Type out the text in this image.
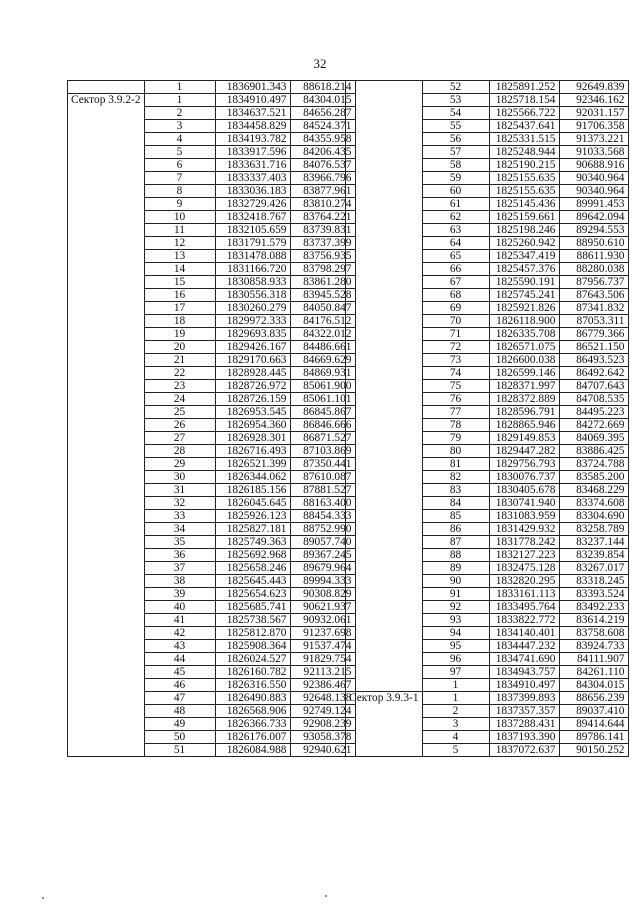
32
	1	1836901.343	88618.214
Сектор 3.9.2-2	1	1834910.497	84304.015
	2	1834637.521	84656.287
	3	1834458.829	84524.371
	4	1834193.782	84355.958
	5	1833917.596	84206.435
	6	1833631.716	84076.537
	7	1833337.403	83966.796
	8	1833036.183	83877.961
	9	1832729.426	83810.274
	10	1832418.767	83764.221
	11	1832105.659	83739.831
	12	1831791.579	83737.399
	13	1831478.088	83756.935
	14	1831166.720	83798.297
	15	1830858.933	83861.280
	16	1830556.318	83945.528
	17	1830260.279	84050.847
	18	1829972.333	84176.512
	19	1829693.835	84322.012
	20	1829426.167	84486.661
	21	1829170.663	84669.629
	22	1828928.445	84869.931
	23	1828726.972	85061.900
	24	1828726.159	85061.101
	25	1826953.545	86845.867
	26	1826954.360	86846.666
	27	1826928.301	86871.527
	28	1826716.493	87103.869
	29	1826521.399	87350.441
	30	1826344.062	87610.087
	31	1826185.156	87881.527
	32	1826045.645	88163.400
	33	1825926.123	88454.333
	34	1825827.181	88752.990
	35	1825749.363	89057.740
	36	1825692.968	89367.245
	37	1825658.246	89679.964
	38	1825645.443	89994.333
	39	1825654.623	90308.829
	40	1825685.741	90621.937
	41	1825738.567	90932.061
	42	1825812.870	91237.698
	43	1825908.364	91537.474
	44	1826024.527	91829.754
	45	1826160.782	92113.215
	46	1826316.550	92386.467
	47	1826490.883	92648.138
	48	1826568.906	92749.124
	49	1826366.733	92908.239
	50	1826176.007	93058.378
	51	1826084.988	92940.621
	52	1825891.252	92649.839
	53	1825718.154	92346.162
	54	1825566.722	92031.157
	55	1825437.641	91706.358
	56	1825331.515	91373.221
	57	1825248.944	91033.568
	58	1825190.215	90688.916
	59	1825155.635	90340.964
	60	1825155.635	90340.964
	61	1825145.436	89991.453
	62	1825159.661	89642.094
	63	1825198.246	89294.553
	64	1825260.942	88950.610
	65	1825347.419	88611.930
	66	1825457.376	88280.038
	67	1825590.191	87956.737
	68	1825745.241	87643.506
	69	1825921.826	87341.832
	70	1826118.900	87053.311
	71	1826335.708	86779.366
	72	1826571.075	86521.150
	73	1826600.038	86493.523
	74	1826599.146	86492.642
	75	1828371.997	84707.643
	76	1828372.889	84708.535
	77	1828596.791	84495.223
	78	1828865.946	84272.669
	79	1829149.853	84069.395
	80	1829447.282	83886.425
	81	1829756.793	83724.788
	82	1830076.737	83585.200
	83	1830405.678	83468.229
	84	1830741.940	83374.608
	85	1831083.959	83304.690
	86	1831429.932	83258.789
	87	1831778.242	83237.144
	88	1832127.223	83239.854
	89	1832475.128	83267.017
	90	1832820.295	83318.245
	91	1833161.113	83393.524
	92	1833495.764	83492.233
	93	1833822.772	83614.219
	94	1834140.401	83758.608
	95	1834447.232	83924.733
	96	1834741.690	84111.907
	97	1834943.757	84261.110
	1	1834910.497	84304.015
Сектор 3.9.3-1	1	1837399.893	88656.239
	2	1837357.357	89037.410
	3	1837288.431	89414.644
	4	1837193.390	89786.141
	5	1837072.637	90150.252
